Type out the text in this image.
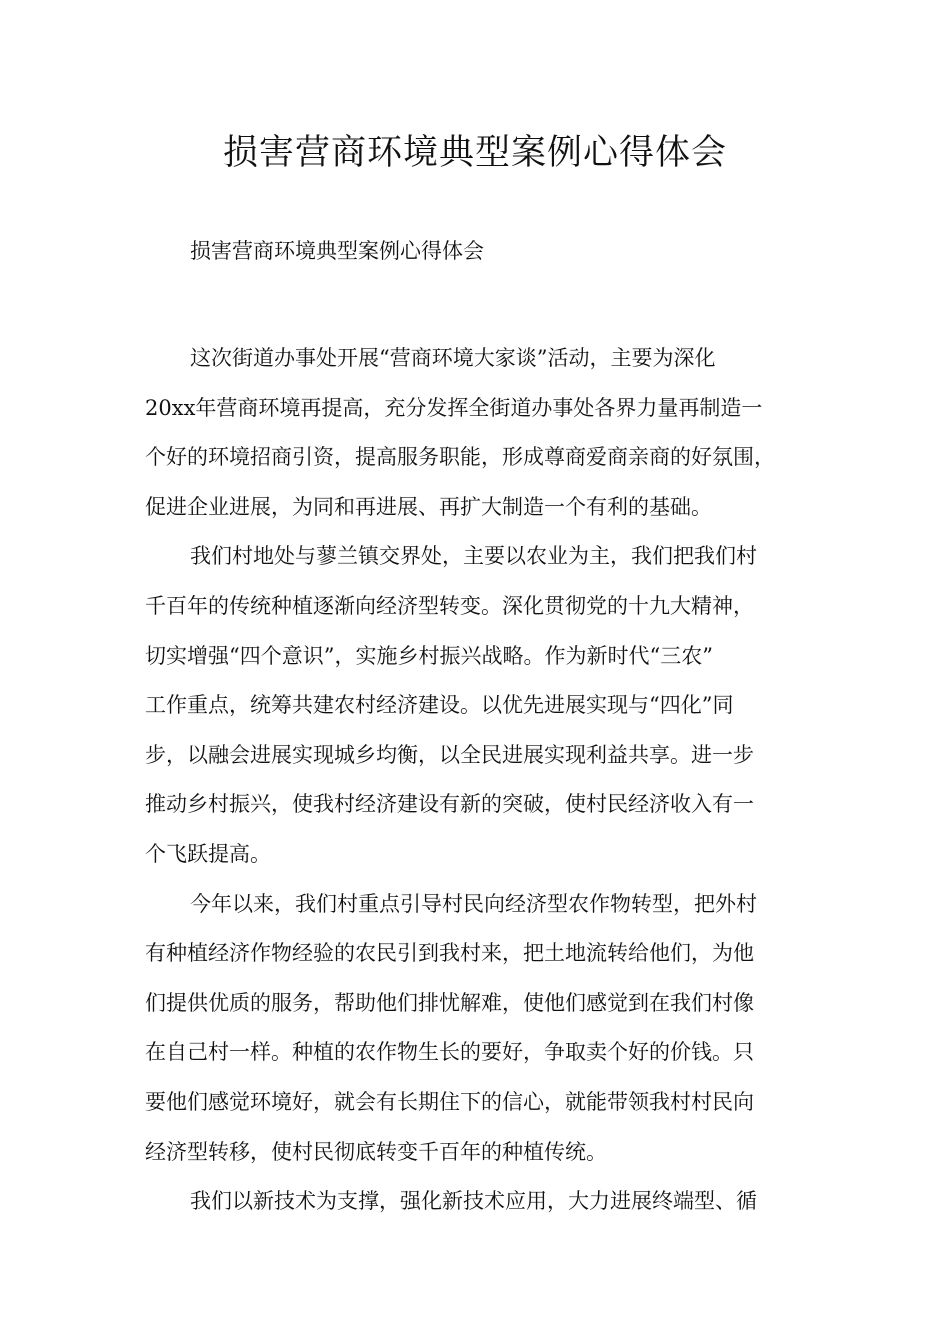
损害营商环境典型案例心得体会

损害营商环境典型案例心得体会

这次街道办事处开展“营商环境大家谈”活动，主要为深化
20xx年营商环境再提高，充分发挥全街道办事处各界力量再制造一
个好的环境招商引资，提高服务职能，形成尊商爱商亲商的好氛围，
促进企业进展，为同和再进展、再扩大制造一个有利的基础。

我们村地处与蓼兰镇交界处，主要以农业为主，我们把我们村
千百年的传统种植逐渐向经济型转变。深化贯彻党的十九大精神，
切实增强“四个意识”，实施乡村振兴战略。作为新时代“三农”
工作重点，统筹共建农村经济建设。以优先进展实现与“四化”同
步，以融会进展实现城乡均衡，以全民进展实现利益共享。进一步
推动乡村振兴，使我村经济建设有新的突破，使村民经济收入有一
个飞跃提高。

今年以来，我们村重点引导村民向经济型农作物转型，把外村
有种植经济作物经验的农民引到我村来，把土地流转给他们，为他
们提供优质的服务，帮助他们排忧解难，使他们感觉到在我们村像
在自己村一样。种植的农作物生长的要好，争取卖个好的价钱。只
要他们感觉环境好，就会有长期住下的信心，就能带领我村村民向
经济型转移，使村民彻底转变千百年的种植传统。

我们以新技术为支撑，强化新技术应用，大力进展终端型、循
